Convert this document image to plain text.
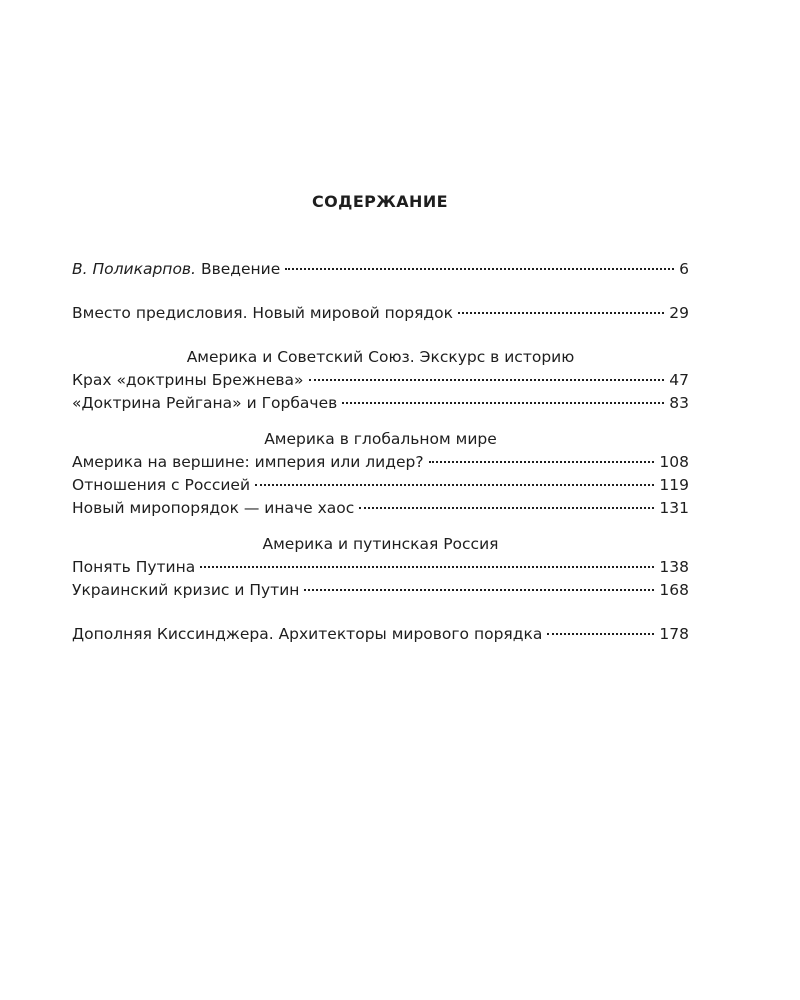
СОДЕРЖАНИЕ
В. Поликарпов. Введение	6
Вместо предисловия. Новый мировой порядок	29
Америка и Советский Союз. Экскурс в историю
Крах «доктрины Брежнева»	47
«Доктрина Рейгана» и Горбачев	83
Америка в глобальном мире
Америка на вершине: империя или лидер?	108
Отношения с Россией	119
Новый миропорядок — иначе хаос	131
Америка и путинская Россия
Понять Путина	138
Украинский кризис и Путин	168
Дополняя Киссинджера. Архитекторы мирового порядка	178
